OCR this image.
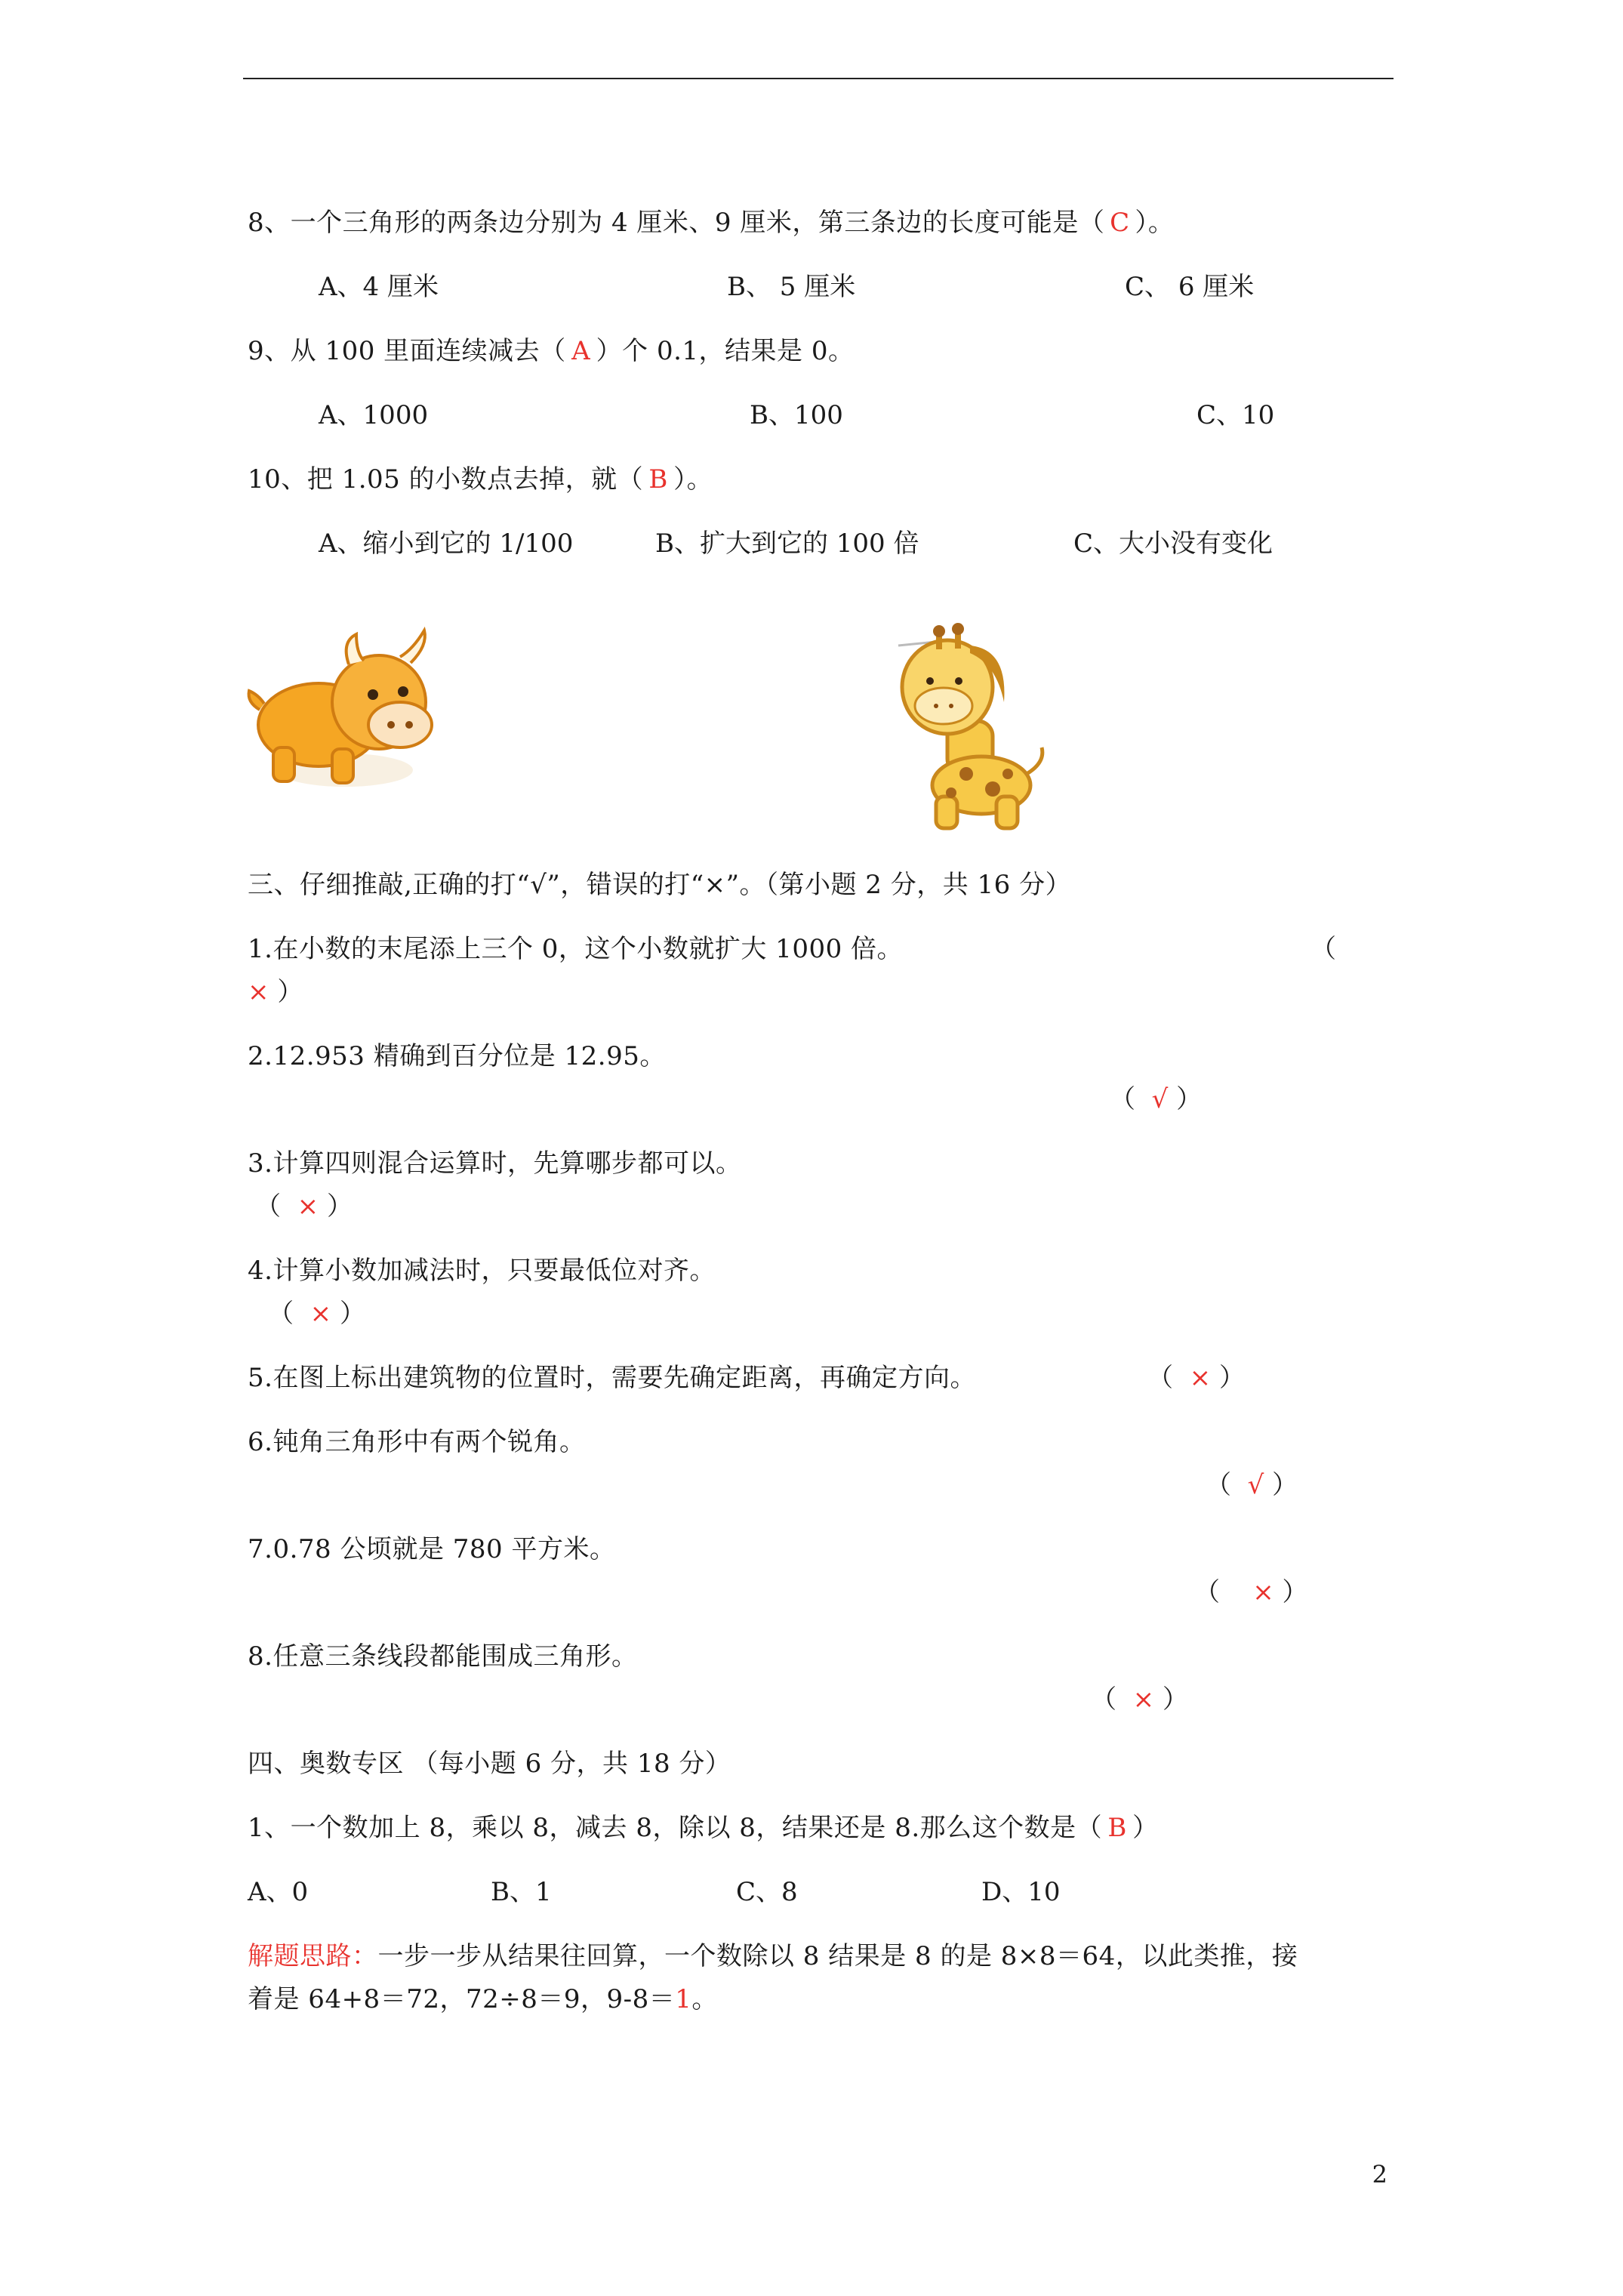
8、一个三角形的两条边分别为 4 厘米、9 厘米，第三条边的长度可能是（ C ）。
A、4 厘米	B、 5 厘米	C、 6 厘米
9、从 100 里面连续减去（ A ）个 0.1，结果是 0。
A、1000	B、100	C、10
10、把 1.05 的小数点去掉，就（ B ）。
A、缩小到它的 1/100	B、扩大到它的 100 倍	C、大小没有变化
三、仔细推敲,正确的打“√”，错误的打“×”。（第小题 2 分，共 16 分）
1.在小数的末尾添上三个 0，这个小数就扩大 1000 倍。	（
× ）
2.12.953 精确到百分位是 12.95。
（ √ ）
3.计算四则混合运算时，先算哪步都可以。
（ × ）
4.计算小数加减法时，只要最低位对齐。
（ × ）
5.在图上标出建筑物的位置时，需要先确定距离，再确定方向。	（ × ）
6.钝角三角形中有两个锐角。
（ √ ）
7.0.78 公顷就是 780 平方米。
（ × ）
8.任意三条线段都能围成三角形。
（ × ）
四、奥数专区 （每小题 6 分，共 18 分）
1、一个数加上 8，乘以 8，减去 8，除以 8，结果还是 8.那么这个数是（ B ）
A、0	B、1	C、8	D、10
解题思路：一步一步从结果往回算，一个数除以 8 结果是 8 的是 8×8＝64，以此类推，接
着是 64+8＝72，72÷8＝9，9-8＝1。
2
